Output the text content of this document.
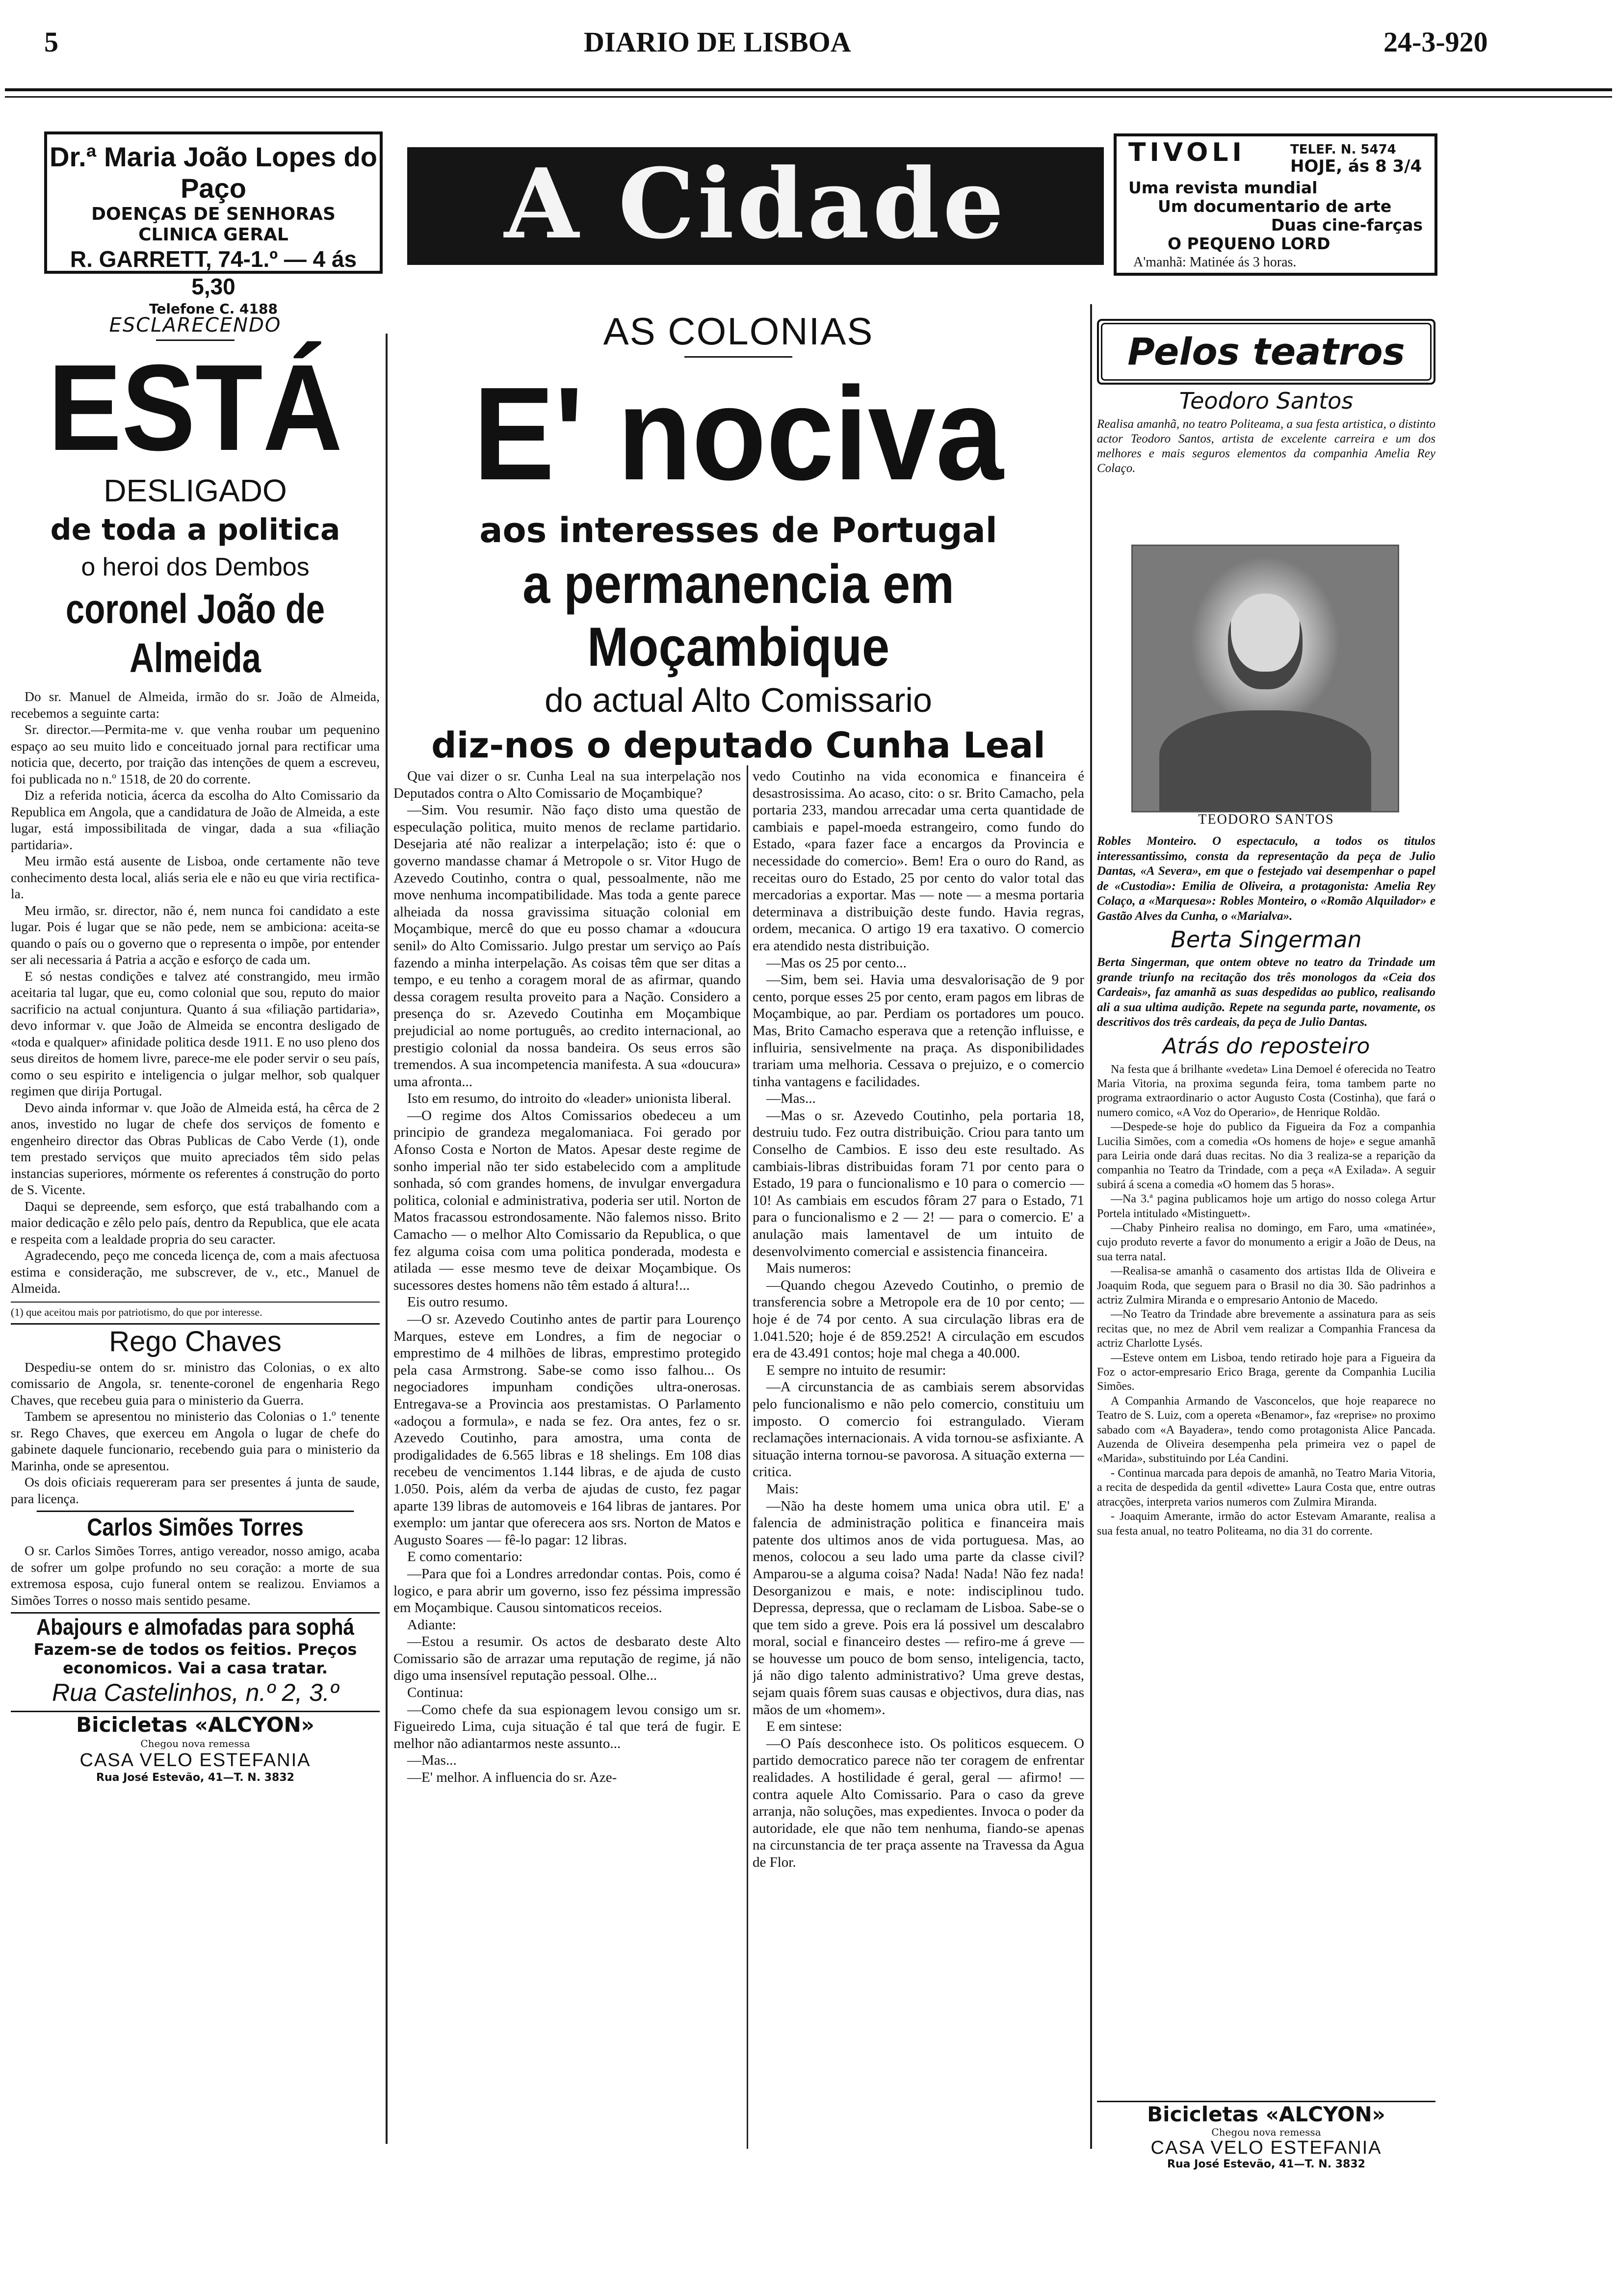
5	DIARIO DE LISBOA	24-3-920
Dr.ª Maria João Lopes do Paço
DOENÇAS DE SENHORAS
CLINICA GERAL
R. GARRETT, 74-1.º — 4 ás 5,30
Telefone C. 4188
A Cidade	TIVOLI	TELEF. N. 5474
HOJE, ás 8 3/4
Uma revista mundial
Um documentario de arte
Duas cine-farças
O PEQUENO LORD
A'manhã: Matinée ás 3 horas.
ESCLARECENDO
ESTÁ
DESLIGADO
de toda a politica
o heroi dos Dembos
coronel João de Almeida

Do sr. Manuel de Almeida, irmão do sr. João de Almeida, recebemos a seguinte carta:

Sr. director.—Permita-me v. que venha roubar um pequenino espaço ao seu muito lido e conceituado jornal para rectificar uma noticia que, decerto, por traição das intenções de quem a escreveu, foi publicada no n.º 1518, de 20 do corrente.

Diz a referida noticia, ácerca da escolha do Alto Comissario da Republica em Angola, que a candidatura de João de Almeida, a este lugar, está impossibilitada de vingar, dada a sua «filiação partidaria».

Meu irmão está ausente de Lisboa, onde certamente não teve conhecimento desta local, aliás seria ele e não eu que viria rectifica-la.

Meu irmão, sr. director, não é, nem nunca foi candidato a este lugar. Pois é lugar que se não pede, nem se ambiciona: aceita-se quando o país ou o governo que o representa o impõe, por entender ser ali necessaria á Patria a acção e esforço de cada um.

E só nestas condições e talvez até constrangido, meu irmão aceitaria tal lugar, que eu, como colonial que sou, reputo do maior sacrificio na actual conjuntura. Quanto á sua «filiação partidaria», devo informar v. que João de Almeida se encontra desligado de «toda e qualquer» afinidade politica desde 1911. E no uso pleno dos seus direitos de homem livre, parece-me ele poder servir o seu país, como o seu espirito e inteligencia o julgar melhor, sob qualquer regimen que dirija Portugal.

Devo ainda informar v. que João de Almeida está, ha cêrca de 2 anos, investido no lugar de chefe dos serviços de fomento e engenheiro director das Obras Publicas de Cabo Verde (1), onde tem prestado serviços que muito apreciados têm sido pelas instancias superiores, mórmente os referentes á construção do porto de S. Vicente.

Daqui se depreende, sem esforço, que está trabalhando com a maior dedicação e zêlo pelo país, dentro da Republica, que ele acata e respeita com a lealdade propria do seu caracter.

Agradecendo, peço me conceda licença de, com a mais afectuosa estima e consideração, me subscrever, de v., etc., Manuel de Almeida.

(1) que aceitou mais por patriotismo, do que por interesse.
Rego Chaves

Despediu-se ontem do sr. ministro das Colonias, o ex alto comissario de Angola, sr. tenente-coronel de engenharia Rego Chaves, que recebeu guia para o ministerio da Guerra.

Tambem se apresentou no ministerio das Colonias o 1.º tenente sr. Rego Chaves, que exerceu em Angola o lugar de chefe do gabinete daquele funcionario, recebendo guia para o ministerio da Marinha, onde se apresentou.

Os dois oficiais requereram para ser presentes á junta de saude, para licença.

Carlos Simões Torres

O sr. Carlos Simões Torres, antigo vereador, nosso amigo, acaba de sofrer um golpe profundo no seu coração: a morte de sua extremosa esposa, cujo funeral ontem se realizou. Enviamos a Simões Torres o nosso mais sentido pesame.

Abajours e almofadas para sophá
Fazem-se de todos os feitios. Preços economicos. Vai a casa tratar.
Rua Castelinhos, n.º 2, 3.º
Bicicletas «ALCYON»
Chegou nova remessa
CASA VELO ESTEFANIA
Rua José Estevão, 41—T. N. 3832
AS COLONIAS
E' nociva
aos interesses de Portugal
a permanencia em Moçambique
do actual Alto Comissario
diz-nos o deputado Cunha Leal

Que vai dizer o sr. Cunha Leal na sua interpelação nos Deputados contra o Alto Comissario de Moçambique?

—Sim. Vou resumir. Não faço disto uma questão de especulação politica, muito menos de reclame partidario. Desejaria até não realizar a interpelação; isto é: que o governo mandasse chamar á Metropole o sr. Vitor Hugo de Azevedo Coutinho, contra o qual, pessoalmente, não me move nenhuma incompatibilidade. Mas toda a gente parece alheiada da nossa gravissima situação colonial em Moçambique, mercê do que eu posso chamar a «doucura senil» do Alto Comissario. Julgo prestar um serviço ao País fazendo a minha interpelação. As coisas têm que ser ditas a tempo, e eu tenho a coragem moral de as afirmar, quando dessa coragem resulta proveito para a Nação. Considero a presença do sr. Azevedo Coutinha em Moçambique prejudicial ao nome português, ao credito internacional, ao prestigio colonial da nossa bandeira. Os seus erros são tremendos. A sua incompetencia manifesta. A sua «doucura» uma afronta...

Isto em resumo, do introito do «leader» unionista liberal.

—O regime dos Altos Comissarios obedeceu a um principio de grandeza megalomaniaca. Foi gerado por Afonso Costa e Norton de Matos. Apesar deste regime de sonho imperial não ter sido estabelecido com a amplitude sonhada, só com grandes homens, de invulgar envergadura politica, colonial e administrativa, poderia ser util. Norton de Matos fracassou estrondosamente. Não falemos nisso. Brito Camacho — o melhor Alto Comissario da Republica, o que fez alguma coisa com uma politica ponderada, modesta e atilada — esse mesmo teve de deixar Moçambique. Os sucessores destes homens não têm estado á altura!...

Eis outro resumo.

—O sr. Azevedo Coutinho antes de partir para Lourenço Marques, esteve em Londres, a fim de negociar o emprestimo de 4 milhões de libras, emprestimo protegido pela casa Armstrong. Sabe-se como isso falhou... Os negociadores impunham condições ultra-onerosas. Entregava-se a Provincia aos prestamistas. O Parlamento «adoçou a formula», e nada se fez. Ora antes, fez o sr. Azevedo Coutinho, para amostra, uma conta de prodigalidades de 6.565 libras e 18 shelings. Em 108 dias recebeu de vencimentos 1.144 libras, e de ajuda de custo 1.050. Pois, além da verba de ajudas de custo, fez pagar aparte 139 libras de automoveis e 164 libras de jantares. Por exemplo: um jantar que oferecera aos srs. Norton de Matos e Augusto Soares — fê-lo pagar: 12 libras.

E como comentario:

—Para que foi a Londres arredondar contas. Pois, como é logico, e para abrir um governo, isso fez péssima impressão em Moçambique. Causou sintomaticos receios.

Adiante:

—Estou a resumir. Os actos de desbarato deste Alto Comissario são de arrazar uma reputação de regime, já não digo uma insensível reputação pessoal. Olhe...

Continua:

—Como chefe da sua espionagem levou consigo um sr. Figueiredo Lima, cuja situação é tal que terá de fugir. E melhor não adiantarmos neste assunto...

—Mas...

—E' melhor. A influencia do sr. Aze-

vedo Coutinho na vida economica e financeira é desastrosissima. Ao acaso, cito: o sr. Brito Camacho, pela portaria 233, mandou arrecadar uma certa quantidade de cambiais e papel-moeda estrangeiro, como fundo do Estado, «para fazer face a encargos da Provincia e necessidade do comercio». Bem! Era o ouro do Rand, as receitas ouro do Estado, 25 por cento do valor total das mercadorias a exportar. Mas — note — a mesma portaria determinava a distribuição deste fundo. Havia regras, ordem, mecanica. O artigo 19 era taxativo. O comercio era atendido nesta distribuição.

—Mas os 25 por cento...

—Sim, bem sei. Havia uma desvalorisação de 9 por cento, porque esses 25 por cento, eram pagos em libras de Moçambique, ao par. Perdiam os portadores um pouco. Mas, Brito Camacho esperava que a retenção influisse, e influiria, sensivelmente na praça. As disponibilidades trariam uma melhoria. Cessava o prejuizo, e o comercio tinha vantagens e facilidades.

—Mas...

—Mas o sr. Azevedo Coutinho, pela portaria 18, destruiu tudo. Fez outra distribuição. Criou para tanto um Conselho de Cambios. E isso deu este resultado. As cambiais-libras distribuidas foram 71 por cento para o Estado, 19 para o funcionalismo e 10 para o comercio — 10! As cambiais em escudos fôram 27 para o Estado, 71 para o funcionalismo e 2 — 2! — para o comercio. E' a anulação mais lamentavel de um intuito de desenvolvimento comercial e assistencia financeira.

Mais numeros:

—Quando chegou Azevedo Coutinho, o premio de transferencia sobre a Metropole era de 10 por cento; — hoje é de 74 por cento. A sua circulação libras era de 1.041.520; hoje é de 859.252! A circulação em escudos era de 43.491 contos; hoje mal chega a 40.000.

E sempre no intuito de resumir:

—A circunstancia de as cambiais serem absorvidas pelo funcionalismo e não pelo comercio, constituiu um imposto. O comercio foi estrangulado. Vieram reclamações internacionais. A vida tornou-se asfixiante. A situação interna tornou-se pavorosa. A situação externa — critica.

Mais:

—Não ha deste homem uma unica obra util. E' a falencia de administração politica e financeira mais patente dos ultimos anos de vida portuguesa. Mas, ao menos, colocou a seu lado uma parte da classe civil? Amparou-se a alguma coisa? Nada! Nada! Não fez nada! Desorganizou e mais, e note: indisciplinou tudo. Depressa, depressa, que o reclamam de Lisboa. Sabe-se o que tem sido a greve. Pois era lá possivel um descalabro moral, social e financeiro destes — refiro-me á greve — se houvesse um pouco de bom senso, inteligencia, tacto, já não digo talento administrativo? Uma greve destas, sejam quais fôrem suas causas e objectivos, dura dias, nas mãos de um «homem».

E em sintese:

—O País desconhece isto. Os politicos esquecem. O partido democratico parece não ter coragem de enfrentar realidades. A hostilidade é geral, geral — afirmo! — contra aquele Alto Comissario. Para o caso da greve arranja, não soluções, mas expedientes. Invoca o poder da autoridade, ele que não tem nenhuma, fiando-se apenas na circunstancia de ter praça assente na Travessa da Agua de Flor.

Pelos teatros
Teodoro Santos
Realisa amanhã, no teatro Politeama, a sua festa artistica, o distinto actor Teodoro Santos, artista de excelente carreira e um dos melhores e mais seguros elementos da companhia Amelia Rey Colaço.
TEODORO SANTOS
Robles Monteiro. O espectaculo, a todos os titulos interessantissimo, consta da representação da peça de Julio Dantas, «A Severa», em que o festejado vai desempenhar o papel de «Custodia»: Emilia de Oliveira, a protagonista: Amelia Rey Colaço, a «Marquesa»: Robles Monteiro, o «Romão Alquilador» e Gastão Alves da Cunha, o «Marialva».
Berta Singerman
Berta Singerman, que ontem obteve no teatro da Trindade um grande triunfo na recitação dos três monologos da «Ceia dos Cardeais», faz amanhã as suas despedidas ao publico, realisando ali a sua ultima audição. Repete na segunda parte, novamente, os descritivos dos três cardeais, da peça de Julio Dantas.
Atrás do reposteiro

Na festa que á brilhante «vedeta» Lina Demoel é oferecida no Teatro Maria Vitoria, na proxima segunda feira, toma tambem parte no programa extraordinario o actor Augusto Costa (Costinha), que fará o numero comico, «A Voz do Operario», de Henrique Roldão.

—Despede-se hoje do publico da Figueira da Foz a companhia Lucilia Simões, com a comedia «Os homens de hoje» e segue amanhã para Leiria onde dará duas recitas. No dia 3 realiza-se a reparição da companhia no Teatro da Trindade, com a peça «A Exilada». A seguir subirá á scena a comedia «O homem das 5 horas».

—Na 3.ª pagina publicamos hoje um artigo do nosso colega Artur Portela intitulado «Mistinguett».

—Chaby Pinheiro realisa no domingo, em Faro, uma «matinée», cujo produto reverte a favor do monumento a erigir a João de Deus, na sua terra natal.

—Realisa-se amanhã o casamento dos artistas Ilda de Oliveira e Joaquim Roda, que seguem para o Brasil no dia 30. São padrinhos a actriz Zulmira Miranda e o empresario Antonio de Macedo.

—No Teatro da Trindade abre brevemente a assinatura para as seis recitas que, no mez de Abril vem realizar a Companhia Francesa da actriz Charlotte Lysés.

—Esteve ontem em Lisboa, tendo retirado hoje para a Figueira da Foz o actor-empresario Erico Braga, gerente da Companhia Lucilia Simões.

A Companhia Armando de Vasconcelos, que hoje reaparece no Teatro de S. Luiz, com a opereta «Benamor», faz «reprise» no proximo sabado com «A Bayadera», tendo como protagonista Alice Pancada. Auzenda de Oliveira desempenha pela primeira vez o papel de «Marida», substituindo por Léa Candini.

- Continua marcada para depois de amanhã, no Teatro Maria Vitoria, a recita de despedida da gentil «divette» Laura Costa que, entre outras atracções, interpreta varios numeros com Zulmira Miranda.

- Joaquim Amerante, irmão do actor Estevam Amarante, realisa a sua festa anual, no teatro Politeama, no dia 31 do corrente.

Bicicletas «ALCYON»
Chegou nova remessa
CASA VELO ESTEFANIA
Rua José Estevão, 41—T. N. 3832
